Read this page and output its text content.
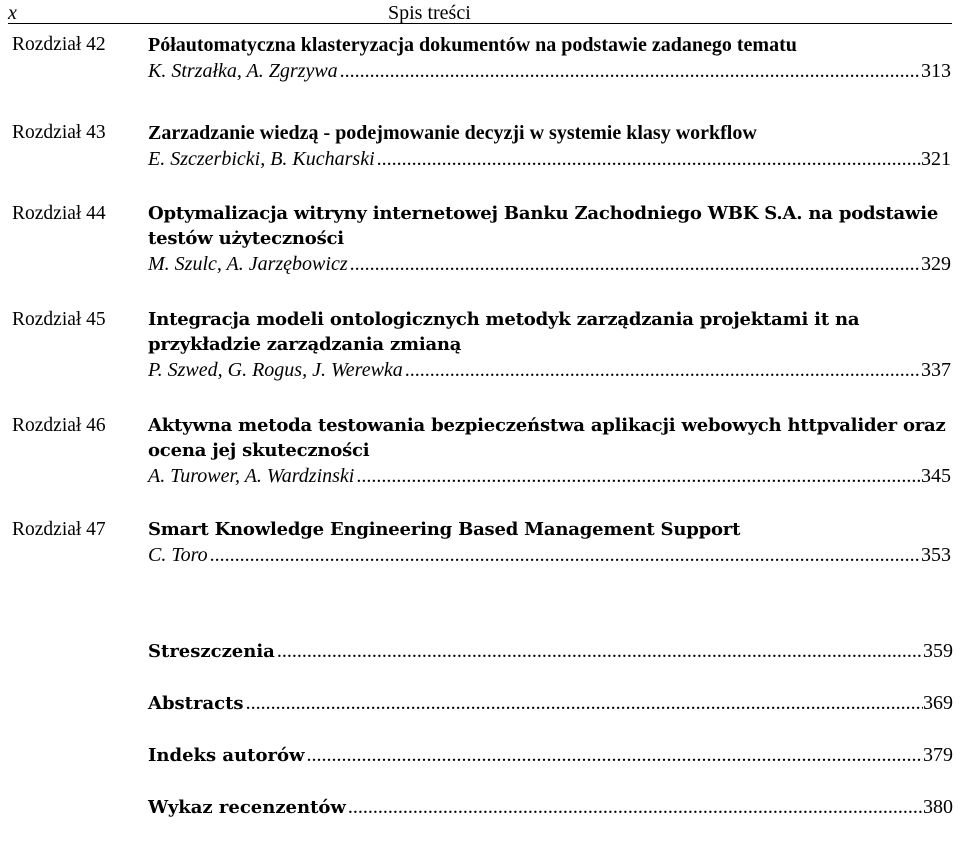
x	Spis treści
Rozdział 42 Półautomatyczna klasteryzacja dokumentów na podstawie zadanego tematu
K. Strzałka, A. Zgrzywa .....	313
Rozdział 43 Zarzadzanie wiedzą - podejmowanie decyzji w systemie klasy workflow
E. Szczerbicki, B. Kucharski .....	321
Rozdział 44 Optymalizacja witryny internetowej Banku Zachodniego WBK S.A. na podstawie testów użyteczności
M. Szulc, A. Jarzębowicz .....	329
Rozdział 45 Integracja modeli ontologicznych metodyk zarządzania projektami it na przykładzie zarządzania zmianą
P. Szwed, G. Rogus, J. Werewka .....	337
Rozdział 46 Aktywna metoda testowania bezpieczeństwa aplikacji webowych httpvalider oraz ocena jej skuteczności
A. Turower, A. Wardzinski .....	345
Rozdział 47 Smart Knowledge Engineering Based Management Support
C. Toro .....	353
Streszczenia .....	359
Abstracts .....	369
Indeks autorów .....	379
Wykaz recenzentów .....	380
